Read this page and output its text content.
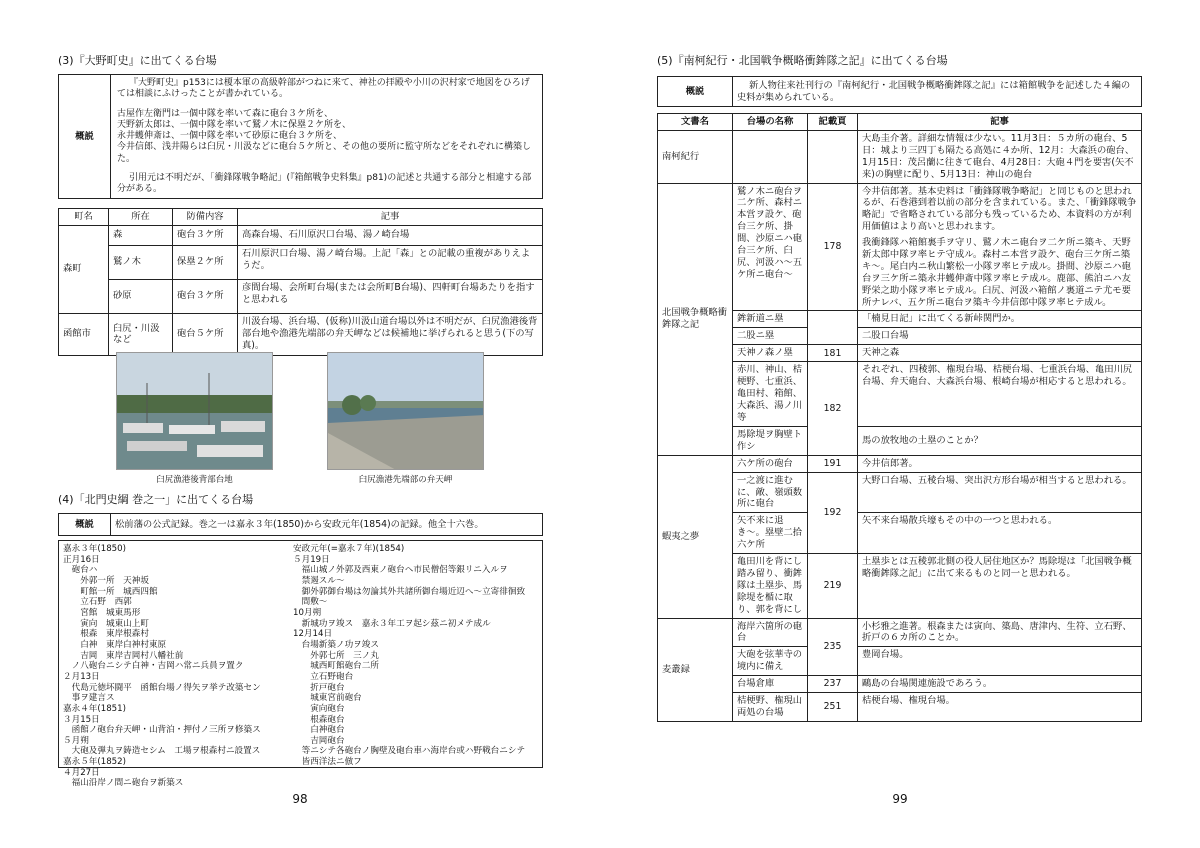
(3)『大野町史』に出てくる台場
概説	
『大野町史』p153には榎本軍の高級幹部がつねに来て、神社の拝殿や小川の沢村家で地図をひろげては相談にふけったことが書かれている。
古屋作左衛門は一個中隊を率いて森に砲台３ケ所を、
天野新太郎は、一個中隊を率いて鷲ノ木に保塁２ケ所を、
永井蠖伸斎は、一個中隊を率いて砂原に砲台３ケ所を、
今井信郎、浅井陽らは臼尻・川汲などに砲台５ケ所と、その他の要所に監守所などをそれぞれに構築した。
引用元は不明だが、「衝鋒隊戦争略記」(『箱館戦争史料集』p81)の記述と共通する部分と相違する部分がある。
町名	所在	防備内容	記事
森町	森	砲台３ケ所	高森台場、石川原沢口台場、湯ノ崎台場
	鷲ノ木	保塁２ケ所	石川原沢口台場、湯ノ崎台場。上記「森」との記載の重複がありえようだ。
	砂原	砲台３ケ所	彦間台場、会所町台場(または会所町B台場)、四軒町台場あたりを指すと思われる
函館市	臼尻・川汲など	砲台５ケ所	川汲台場、浜台場、(仮称)川汲山道台場以外は不明だが、臼尻漁港後背部台地や漁港先端部の弁天岬などは候補地に挙げられると思う(下の写真)。
臼尻漁港後背部台地	臼尻漁港先端部の弁天岬
(4)「北門史綱 巻之一」に出てくる台場
概説	松前藩の公式記録。巻之一は嘉永３年(1850)から安政元年(1854)の記録。他全十六巻。
嘉永３年(1850)
正月16日
　砲台ハ
　　外郭一所　天神坂
　　町館一所　城西四館
　　立石野　西郭
　　宮館　城東馬形
　　寅向　城東山上町
　　根森　東岸根森村
　　白神　東岸白神村東原
　　吉岡　東岸吉岡村八幡社前
　ノ八砲台ニシテ白神・吉岡ハ常ニ兵員ヲ置ク
２月13日
　代島元徳坏闘平　函館台場ノ得矢ヲ挙テ改築セン
　事ヲ建言ス
嘉永４年(1851)
３月15日
　函館ノ砲台弁天岬・山背泊・押付ノ三所ヲ修築ス
５月朔
　大砲及弾丸ヲ鋳造セシム　工場ヲ根森村ニ設置ス
嘉永５年(1852)
４月27日
　福山沿岸ノ間ニ砲台ヲ新築ス
安政元年(=嘉永７年)(1854)
５月19日
　福山城ノ外郭及西東ノ砲台ヘ市民僧侶等銀リニ入ルヲ
　禁遏スル〜
　御外郭御台場は勿論其外共諸所御台場近辺へ〜立寄徘徊致
　間敷〜
10月朔
　新城功ヲ竣ス　嘉永３年工ヲ起シ茲ニ初メテ成ル
12月14日
　台場新築ノ功ヲ竣ス
　　外郭七所　三ノ丸
　　城西町館砲台二所
　　立石野砲台
　　折戸砲台
　　城東宮前砲台
　　寅向砲台
　　根森砲台
　　白神砲台
　　吉岡砲台
　等ニシテ各砲台ノ胸壁及砲台車ハ海岸台或ハ野戦台ニシテ
　皆西洋法ニ倣フ
98
(5)『南柯紀行・北国戦争概略衝鉾隊之記』に出てくる台場
概説	新人物往来社刊行の『南柯紀行・北国戦争概略衝鉾隊之記』には箱館戦争を記述した４編の史料が集められている。
文書名	台場の名称	記載頁	記事
南柯紀行			大島圭介著。詳細な情報は少ない。11月3日：５カ所の砲台、5日：城より三四丁も隔たる高処に４か所、12月：大森浜の砲台、1月15日：茂呂蘭に往きて砲台、4月28日：大砲４門を要害(矢不来)の胸壁に配り、5月13日：神山の砲台
北国戦争概略衝鉾隊之記	鷲ノ木ニ砲台ヲ二ケ所、森村ニ本営ヲ設ケ、砲台三ケ所、掛間、沙原ニハ砲台三ケ所、臼尻、河汲ハ〜五ケ所ニ砲台〜	178	今井信郎著。基本史料は「衝鋒隊戦争略記」と同じものと思われるが、石巻港到着以前の部分を含まれている。また、「衝鋒隊戦争略記」で省略されている部分も残っているため、本資料の方が利用価値はより高いと思われます。
我衝鋒隊ハ箱館裏手ヲ守リ、鷲ノ木ニ砲台ヲ二ケ所ニ築キ、天野新太郎中隊ヲ率ヒテ守成ル。森村ニ本営ヲ設ケ、砲台三ケ所ニ築キ〜。尾白内ニ秋山繁松一小隊ヲ率ヒテ成ル。掛間、沙原ニハ砲台ヲ三ケ所ニ築永井蠖伸斎中隊ヲ率ヒテ成ル。鹿部、熊泊ニハ友野栄之助小隊ヲ率ヒテ成ル。臼尻、河汲ハ箱館ノ裏道ニテ尤モ要所ナレバ、五ケ所ニ砲台ヲ築キ今井信郎中隊ヲ率ヒテ成ル。

	鉾新道ニ塁		「楠見日記」に出てくる新峠関門か。
	二股ニ塁		二股口台場
	天神ノ森ノ塁	181	天神之森
	赤川、神山、桔梗野、七重浜、亀田村、箱館、大森浜、湯ノ川等	182	それぞれ、四稜郭、権現台場、桔梗台場、七重浜台場、亀田川尻台場、弁天砲台、大森浜台場、根崎台場が相応すると思われる。
	馬除堤ヲ胸壁ト作シ		馬の放牧地の土塁のことか？
蝦夷之夢	六ケ所の砲台	191	今井信郎著。
	一之渡に進むに、敵、嶺頭数所に砲台	192	大野口台場、五稜台場、突出沢方形台場が相当すると思われる。
	矢不来に退き〜。塁壁二拾六ケ所		矢不来台場散兵壕もその中の一つと思われる。
	亀田川を背にし踏み留り、衝鉾隊は土塁歩、馬除堤を楯に取り、郭を背にし	219	土塁歩とは五稜郭北側の役人居住地区か？馬除堤は「北国戦争概略衝鉾隊之記」に出て来るものと同一と思われる。
麦叢録	海岸六箇所の砲台	235	小杉雅之進著。根森または寅向、築島、唐津内、生符、立石野、折戸の６カ所のことか。
	大砲を弦華寺の境内に備え		豊岡台場。
	台場倉庫	237	鷗島の台場関連施設であろう。
	桔梗野、権現山両処の台場	251	桔梗台場、権現台場。
99
